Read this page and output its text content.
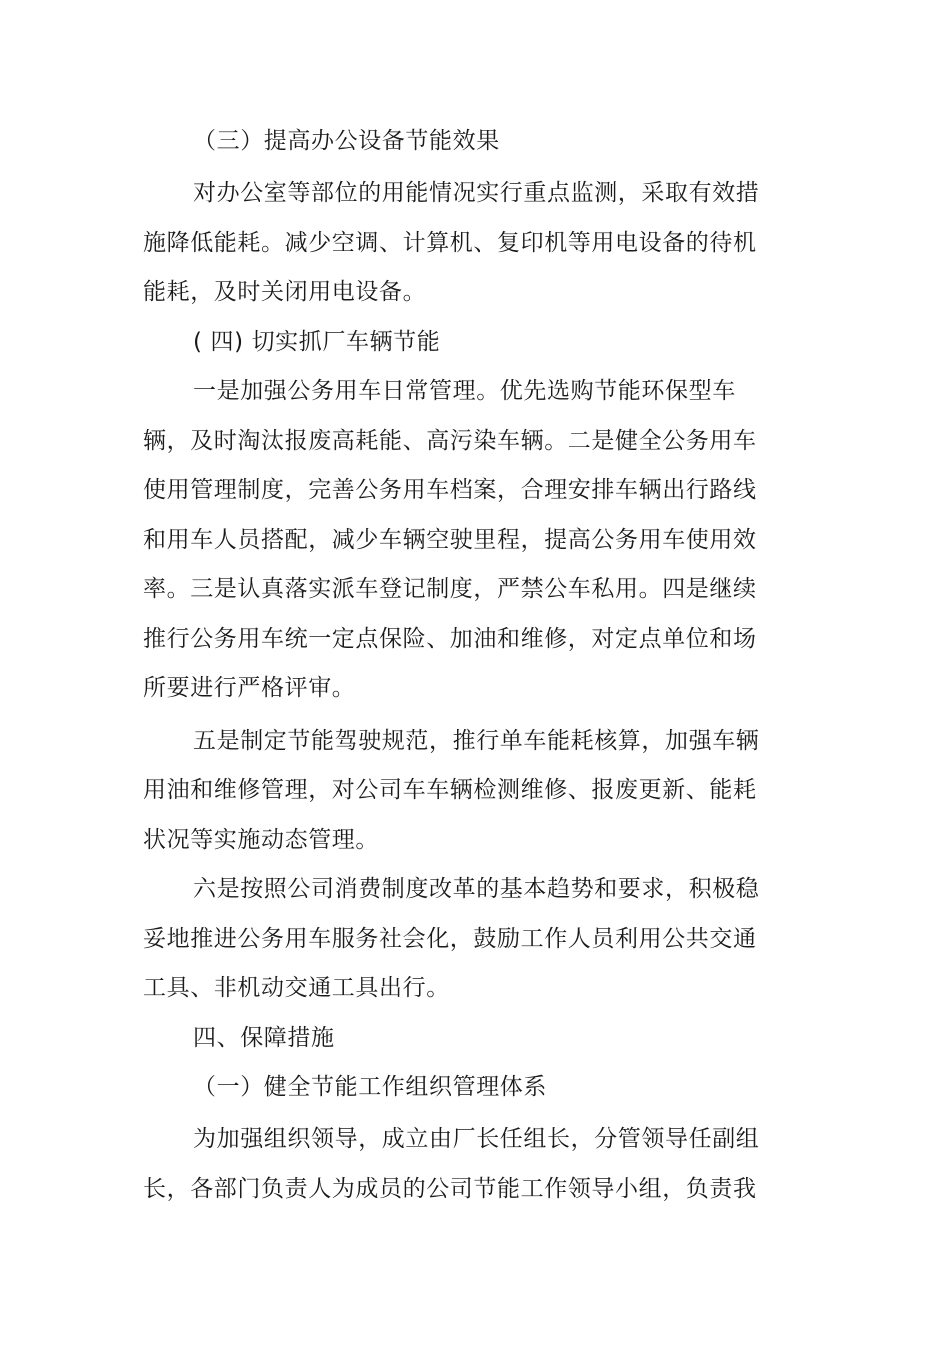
（三）提高办公设备节能效果
对办公室等部位的用能情况实行重点监测，采取有效措
施降低能耗。减少空调、计算机、复印机等用电设备的待机
能耗，及时关闭用电设备。
( 四) 切实抓厂车辆节能
一是加强公务用车日常管理。优先选购节能环保型车
辆，及时淘汰报废高耗能、高污染车辆。二是健全公务用车
使用管理制度，完善公务用车档案，合理安排车辆出行路线
和用车人员搭配，减少车辆空驶里程，提高公务用车使用效
率。三是认真落实派车登记制度，严禁公车私用。四是继续
推行公务用车统一定点保险、加油和维修，对定点单位和场
所要进行严格评审。
五是制定节能驾驶规范，推行单车能耗核算，加强车辆
用油和维修管理，对公司车车辆检测维修、报废更新、能耗
状况等实施动态管理。
六是按照公司消费制度改革的基本趋势和要求，积极稳
妥地推进公务用车服务社会化，鼓励工作人员利用公共交通
工具、非机动交通工具出行。
四、保障措施
（一）健全节能工作组织管理体系
为加强组织领导，成立由厂长任组长，分管领导任副组
长，各部门负责人为成员的公司节能工作领导小组，负责我
